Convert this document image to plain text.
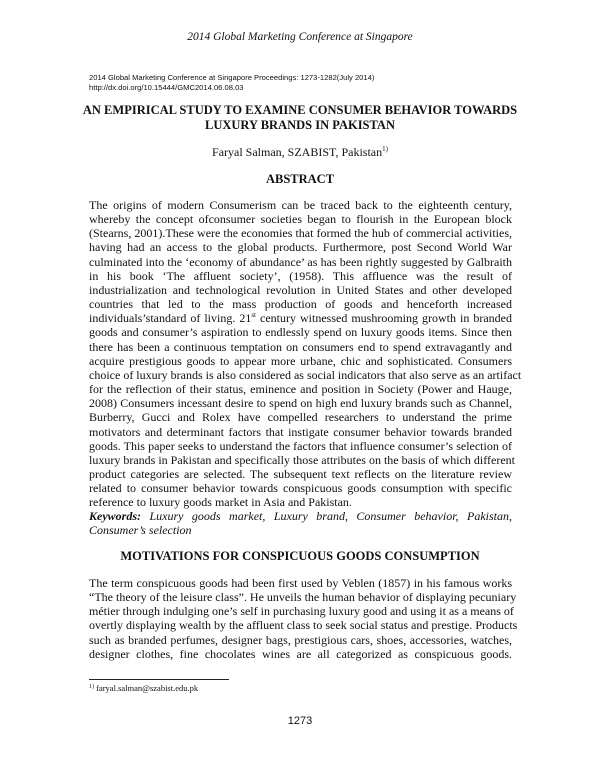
2014 Global Marketing Conference at Singapore
2014 Global Marketing Conference at Singapore Proceedings: 1273-1282(July 2014)
http://dx.doi.org/10.15444/GMC2014.06.08.03
AN EMPIRICAL STUDY TO EXAMINE CONSUMER BEHAVIOR TOWARDS
LUXURY BRANDS IN PAKISTAN
Faryal Salman, SZABIST, Pakistan$^{1)}$
ABSTRACT
The origins of modern Consumerism can be traced back to the eighteenth century,
whereby the concept ofconsumer societies began to flourish in the European block
(Stearns, 2001).These were the economies that formed the hub of commercial activities,
having had an access to the global products. Furthermore, post Second World War
culminated into the ‘economy of abundance’ as has been rightly suggested by Galbraith
in his book ‘The affluent society’, (1958). This affluence was the result of
industrialization and technological revolution in United States and other developed
countries that led to the mass production of goods and henceforth increased
individuals’standard of living. 21st century witnessed mushrooming growth in branded
goods and consumer’s aspiration to endlessly spend on luxury goods items. Since then
there has been a continuous temptation on consumers end to spend extravagantly and
acquire prestigious goods to appear more urbane, chic and sophisticated. Consumers
choice of luxury brands is also considered as social indicators that also serve as an artifact
for the reflection of their status, eminence and position in Society (Power and Hauge,
2008) Consumers incessant desire to spend on high end luxury brands such as Channel,
Burberry, Gucci and Rolex have compelled researchers to understand the prime
motivators and determinant factors that instigate consumer behavior towards branded
goods. This paper seeks to understand the factors that influence consumer’s selection of
luxury brands in Pakistan and specifically those attributes on the basis of which different
product categories are selected. The subsequent text reflects on the literature review
related to consumer behavior towards conspicuous goods consumption with specific
reference to luxury goods market in Asia and Pakistan.
Keywords: Luxury goods market, Luxury brand, Consumer behavior, Pakistan,
Consumer’s selection
MOTIVATIONS FOR CONSPICUOUS GOODS CONSUMPTION
The term conspicuous goods had been first used by Veblen (1857) in his famous works
“The theory of the leisure class”. He unveils the human behavior of displaying pecuniary
métier through indulging one’s self in purchasing luxury good and using it as a means of
overtly displaying wealth by the affluent class to seek social status and prestige. Products
such as branded perfumes, designer bags, prestigious cars, shoes, accessories, watches,
designer clothes, fine chocolates wines are all categorized as conspicuous goods.
$^{1)}$ faryal.salman@szabist.edu.pk
1273
